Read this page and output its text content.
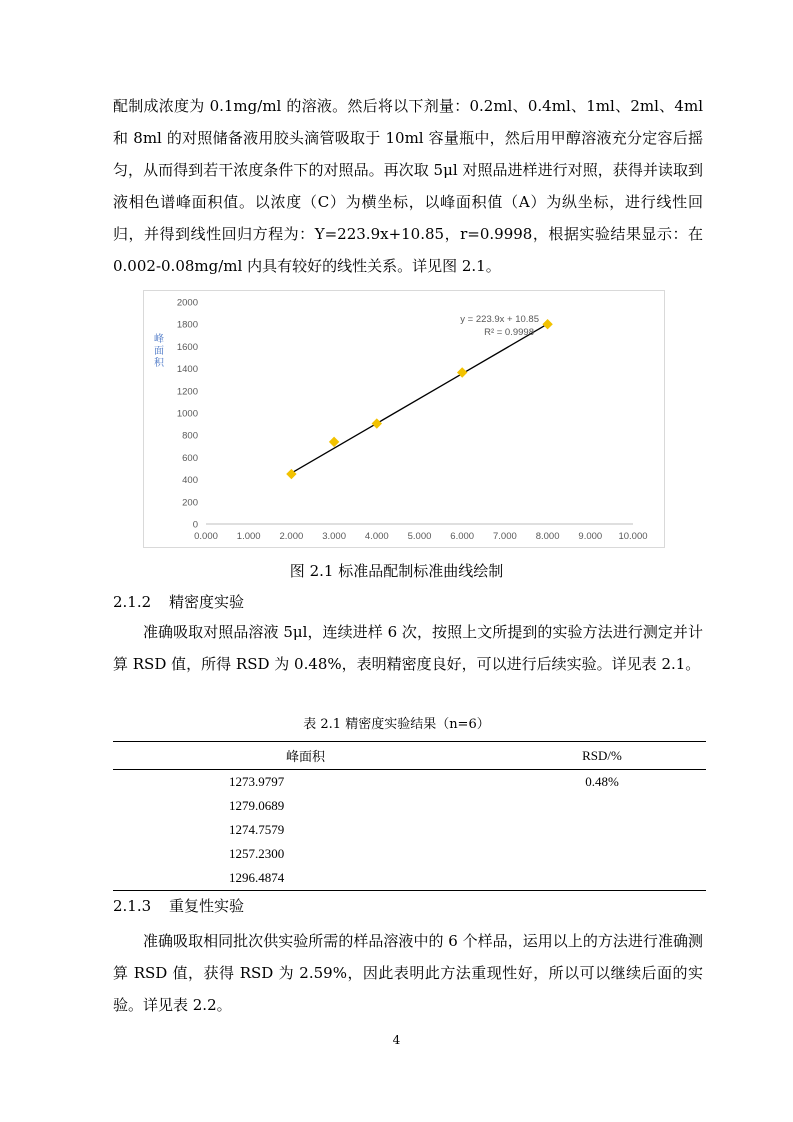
配制成浓度为 0.1mg/ml 的溶液。然后将以下剂量：0.2ml、0.4ml、1ml、2ml、4ml 和 8ml 的对照储备液用胶头滴管吸取于 10ml 容量瓶中，然后用甲醇溶液充分定容后摇匀，从而得到若干浓度条件下的对照品。再次取 5μl 对照品进样进行对照，获得并读取到液相色谱峰面积值。以浓度（C）为横坐标，以峰面积值（A）为纵坐标，进行线性回归，并得到线性回归方程为：Y=223.9x+10.85，r=0.9998，根据实验结果显示：在 0.002-0.08mg/ml 内具有较好的线性关系。详见图 2.1。

0
200
400
600
800
1000
1200
1400
1600
1800
2000
0.000 1.000 2.000 3.000 4.000 5.000 6.000 7.000 8.000 9.000 10.000
峰面积
y = 223.9x + 10.85
R² = 0.9998
图 2.1 标准品配制标准曲线绘制
2.1.2 精密度实验

准确吸取对照品溶液 5μl，连续进样 6 次，按照上文所提到的实验方法进行测定并计算 RSD 值，所得 RSD 为 0.48%，表明精密度良好，可以进行后续实验。详见表 2.1。

表 2.1 精密度实验结果（n=6）
峰面积	RSD/%
1273.9797	0.48%
1279.0689	
1274.7579	
1257.2300	
1296.4874	
2.1.3 重复性实验

准确吸取相同批次供实验所需的样品溶液中的 6 个样品，运用以上的方法进行准确测算 RSD 值，获得 RSD 为 2.59%，因此表明此方法重现性好，所以可以继续后面的实验。详见表 2.2。

4
